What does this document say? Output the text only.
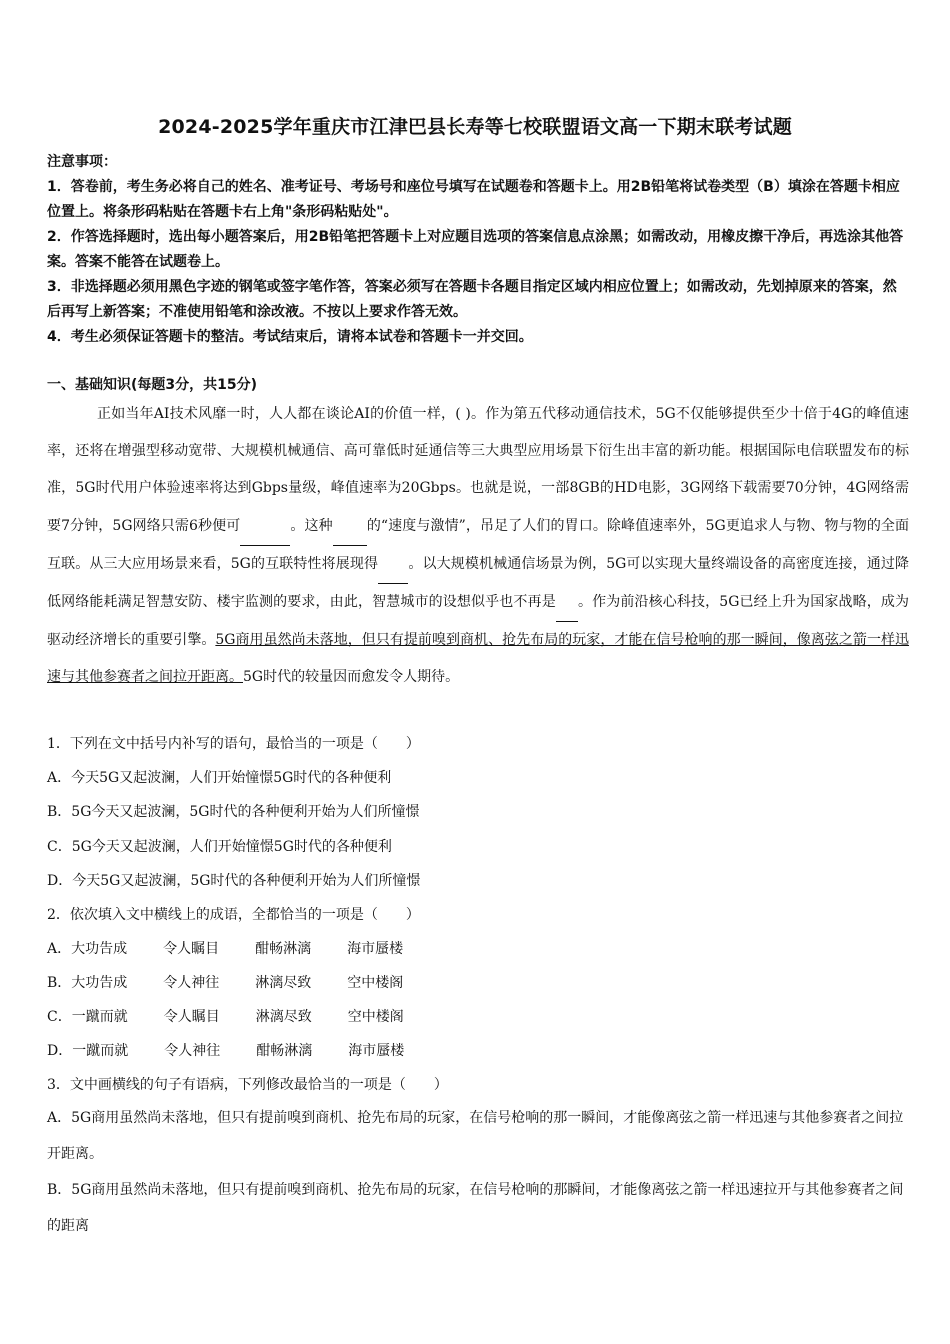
2024-2025学年重庆市江津巴县长寿等七校联盟语文高一下期末联考试题

注意事项：

1．答卷前，考生务必将自己的姓名、准考证号、考场号和座位号填写在试题卷和答题卡上。用2B铅笔将试卷类型（B）填涂在答题卡相应位置上。将条形码粘贴在答题卡右上角"条形码粘贴处"。

2．作答选择题时，选出每小题答案后，用2B铅笔把答题卡上对应题目选项的答案信息点涂黑；如需改动，用橡皮擦干净后，再选涂其他答案。答案不能答在试题卷上。

3．非选择题必须用黑色字迹的钢笔或签字笔作答，答案必须写在答题卡各题目指定区域内相应位置上；如需改动，先划掉原来的答案，然后再写上新答案；不准使用铅笔和涂改液。不按以上要求作答无效。

4．考生必须保证答题卡的整洁。考试结束后，请将本试卷和答题卡一并交回。

一、基础知识(每题3分，共15分)

正如当年AI技术风靡一时，人人都在谈论AI的价值一样，( )。作为第五代移动通信技术，5G不仅能够提供至少十倍于4G的峰值速率，还将在增强型移动宽带、大规模机械通信、高可靠低时延通信等三大典型应用场景下衍生出丰富的新功能。根据国际电信联盟发布的标准，5G时代用户体验速率将达到Gbps量级，峰值速率为20Gbps。也就是说，一部8GB的HD电影，3G网络下载需要70分钟，4G网络需要7分钟，5G网络只需6秒便可	。这种 的“速度与激情”，吊足了人们的胃口。除峰值速率外，5G更追求人与物、物与物的全面互联。从三大应用场景来看，5G的互联特性将展现得 。以大规模机械通信场景为例，5G可以实现大量终端设备的高密度连接，通过降低网络能耗满足智慧安防、楼宇监测的要求，由此，智慧城市的设想似乎也不再是 。作为前沿核心科技，5G已经上升为国家战略，成为驱动经济增长的重要引擎。5G商用虽然尚未落地，但只有提前嗅到商机、抢先布局的玩家，才能在信号枪响的那一瞬间，像离弦之箭一样迅速与其他参赛者之间拉开距离。5G时代的较量因而愈发令人期待。

1．下列在文中括号内补写的语句，最恰当的一项是（　　）
A．今天5G又起波澜，人们开始憧憬5G时代的各种便利
B．5G今天又起波澜，5G时代的各种便利开始为人们所憧憬
C．5G今天又起波澜，人们开始憧憬5G时代的各种便利
D．今天5G又起波澜，5G时代的各种便利开始为人们所憧憬
2．依次填入文中横线上的成语，全都恰当的一项是（　　）
A．大功告成	令人瞩目	酣畅淋漓	海市蜃楼
B．大功告成	令人神往	淋漓尽致	空中楼阁
C．一蹴而就	令人瞩目	淋漓尽致	空中楼阁
D．一蹴而就	令人神往	酣畅淋漓	海市蜃楼
3．文中画横线的句子有语病，下列修改最恰当的一项是（　　）
A．5G商用虽然尚未落地，但只有提前嗅到商机、抢先布局的玩家，在信号枪响的那一瞬间，才能像离弦之箭一样迅速与其他参赛者之间拉开距离。
B．5G商用虽然尚未落地，但只有提前嗅到商机、抢先布局的玩家，在信号枪响的那瞬间，才能像离弦之箭一样迅速拉开与其他参赛者之间的距离
